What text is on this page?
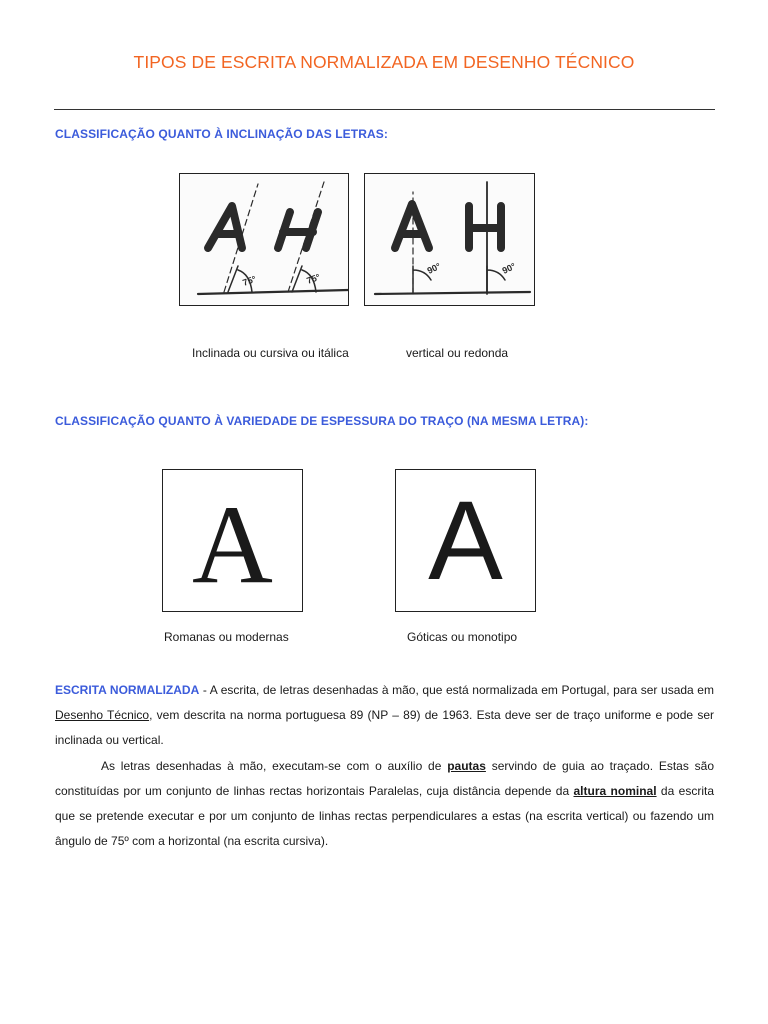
TIPOS DE ESCRITA NORMALIZADA EM DESENHO TÉCNICO
CLASSIFICAÇÃO QUANTO À INCLINAÇÃO DAS LETRAS:
75°	75°
90°	90°
Inclinada ou cursiva ou itálica	vertical ou redonda
CLASSIFICAÇÃO QUANTO À VARIEDADE DE ESPESSURA DO TRAÇO (NA MESMA LETRA):
A A
Romanas ou modernas	Góticas ou monotipo

ESCRITA NORMALIZADA - A escrita, de letras desenhadas à mão, que está normalizada em Portugal, para ser usada em Desenho Técnico, vem descrita na norma portuguesa 89 (NP – 89) de 1963. Esta deve ser de traço uniforme e pode ser inclinada ou vertical.

As letras desenhadas à mão, executam-se com o auxílio de pautas servindo de guia ao traçado. Estas são constituídas por um conjunto de linhas rectas horizontais Paralelas, cuja distância depende da altura nominal da escrita que se pretende executar e por um conjunto de linhas rectas perpendiculares a estas (na escrita vertical) ou fazendo um ângulo de 75º com a horizontal (na escrita cursiva).
